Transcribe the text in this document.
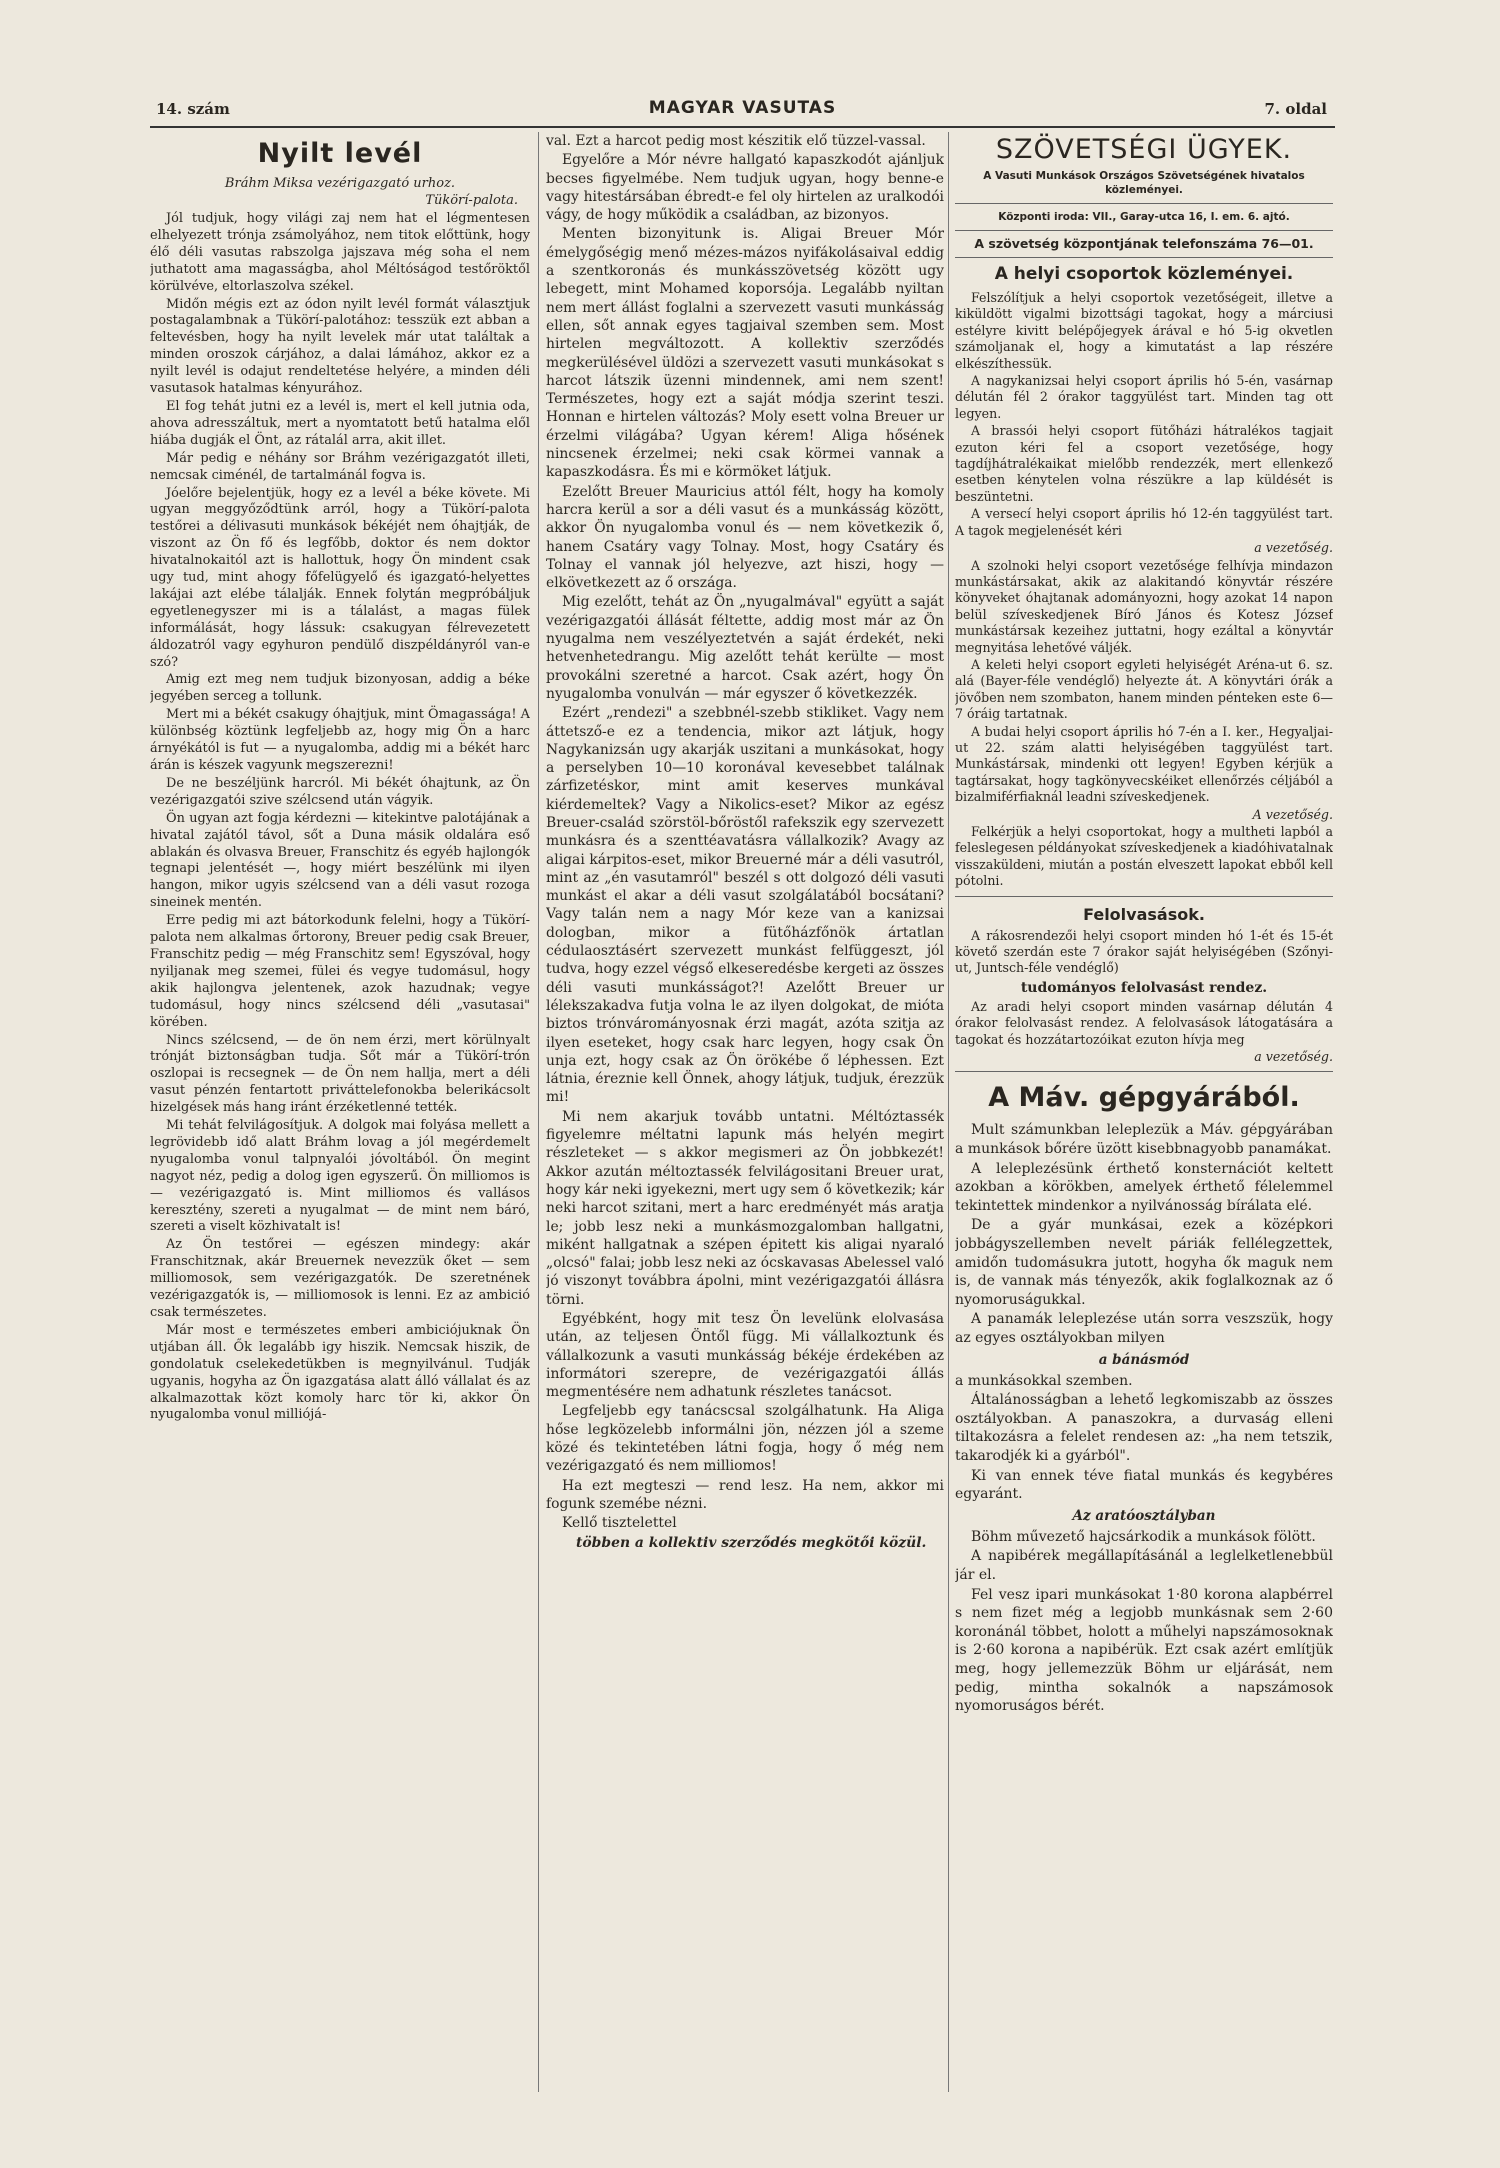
14. szám	MAGYAR VASUTAS	7. oldal
Nyilt levél
Bráhm Miksa vezérigazgató urhoz.
Tükörí-palota.

Jól tudjuk, hogy világi zaj nem hat el légmentesen elhelyezett trónja zsámolyához, nem titok előttünk, hogy élő déli vasutas rabszolga jajszava még soha el nem juthatott ama magasságba, ahol Méltóságod testőröktől körülvéve, eltorlaszolva székel.

Midőn mégis ezt az ódon nyilt levél formát választjuk postagalambnak a Tükörí-palotához: tesszük ezt abban a feltevésben, hogy ha nyilt levelek már utat találtak a minden oroszok cárjához, a dalai lámához, akkor ez a nyilt levél is odajut rendeltetése helyére, a minden déli vasutasok hatalmas kényurához.

El fog tehát jutni ez a levél is, mert el kell jutnia oda, ahova adresszáltuk, mert a nyomtatott betű hatalma elől hiába dugják el Önt, az rátalál arra, akit illet.

Már pedig e néhány sor Bráhm vezérigazgatót illeti, nemcsak ciménél, de tartalmánál fogva is.

Jóelőre bejelentjük, hogy ez a levél a béke követe. Mi ugyan meggyőződtünk arról, hogy a Tükörí-palota testőrei a délivasuti munkások békéjét nem óhajtják, de viszont az Ön fő és legfőbb, doktor és nem doktor hivatalnokaitól azt is hallottuk, hogy Ön mindent csak ugy tud, mint ahogy főfelügyelő és igazgató-helyettes lakájai azt elébe tálalják. Ennek folytán megpróbáljuk egyetlenegyszer mi is a tálalást, a magas fülek informálását, hogy lássuk: csakugyan félrevezetett áldozatról vagy egyhuron pendülő diszpéldányról van-e szó?

Amig ezt meg nem tudjuk bizonyosan, addig a béke jegyében serceg a tollunk.

Mert mi a békét csakugy óhajtjuk, mint Ömagassága! A különbség köztünk legfeljebb az, hogy mig Ön a harc árnyékától is fut — a nyugalomba, addig mi a békét harc árán is készek vagyunk megszerezni!

De ne beszéljünk harcról. Mi békét óhajtunk, az Ön vezérigazgatói szive szélcsend után vágyik.

Ön ugyan azt fogja kérdezni — kitekintve palotájának a hivatal zajától távol, sőt a Duna másik oldalára eső ablakán és olvasva Breuer, Franschitz és egyéb hajlongók tegnapi jelentését —, hogy miért beszélünk mi ilyen hangon, mikor ugyis szélcsend van a déli vasut rozoga sineinek mentén.

Erre pedig mi azt bátorkodunk felelni, hogy a Tükörí-palota nem alkalmas őrtorony, Breuer pedig csak Breuer, Franschitz pedig — még Franschitz sem! Egyszóval, hogy nyiljanak meg szemei, fülei és vegye tudomásul, hogy akik hajlongva jelentenek, azok hazudnak; vegye tudomásul, hogy nincs szélcsend déli „vasutasai" körében.

Nincs szélcsend, — de ön nem érzi, mert körülnyalt trónját biztonságban tudja. Sőt már a Tükörí-trón oszlopai is recsegnek — de Ön nem hallja, mert a déli vasut pénzén fentartott priváttelefonokba belerikácsolt hizelgések más hang iránt érzéketlenné tették.

Mi tehát felvilágosítjuk. A dolgok mai folyása mellett a legrövidebb idő alatt Bráhm lovag a jól megérdemelt nyugalomba vonul talpnyalói jóvoltából. Ön megint nagyot néz, pedig a dolog igen egyszerű. Ön milliomos is — vezérigazgató is. Mint milliomos és vallásos keresztény, szereti a nyugalmat — de mint nem báró, szereti a viselt közhivatalt is!

Az Ön testőrei — egészen mindegy: akár Franschitznak, akár Breuernek nevezzük őket — sem milliomosok, sem vezérigazgatók. De szeretnének vezérigazgatók is, — milliomosok is lenni. Ez az ambició csak természetes.

Már most e természetes emberi ambiciójuknak Ön utjában áll. Ők legalább igy hiszik. Nemcsak hiszik, de gondolatuk cselekedetükben is megnyilvánul. Tudják ugyanis, hogyha az Ön igazgatása alatt álló vállalat és az alkalmazottak közt komoly harc tör ki, akkor Ön nyugalomba vonul milliójá-

val. Ezt a harcot pedig most készitik elő tüzzel-vassal.

Egyelőre a Mór névre hallgató kapaszkodót ajánljuk becses figyelmébe. Nem tudjuk ugyan, hogy benne-e vagy hitestársában ébredt-e fel oly hirtelen az uralkodói vágy, de hogy működik a családban, az bizonyos.

Menten bizonyitunk is. Aligai Breuer Mór émelygőségig menő mézes-mázos nyifákolásaival eddig a szentkoronás és munkásszövetség között ugy lebegett, mint Mohamed koporsója. Legalább nyiltan nem mert állást foglalni a szervezett vasuti munkásság ellen, sőt annak egyes tagjaival szemben sem. Most hirtelen megváltozott. A kollektiv szerződés megkerülésével üldözi a szervezett vasuti munkásokat s harcot látszik üzenni mindennek, ami nem szent! Természetes, hogy ezt a saját módja szerint teszi. Honnan e hirtelen változás? Moly esett volna Breuer ur érzelmi világába? Ugyan kérem! Aliga hősének nincsenek érzelmei; neki csak körmei vannak a kapaszkodásra. És mi e körmöket látjuk.

Ezelőtt Breuer Mauricius attól félt, hogy ha komoly harcra kerül a sor a déli vasut és a munkásság között, akkor Ön nyugalomba vonul és — nem következik ő, hanem Csatáry vagy Tolnay. Most, hogy Csatáry és Tolnay el vannak jól helyezve, azt hiszi, hogy — elkövetkezett az ő országa.

Mig ezelőtt, tehát az Ön „nyugalmával" együtt a saját vezérigazgatói állását féltette, addig most már az Ön nyugalma nem veszélyeztetvén a saját érdekét, neki hetvenhetedrangu. Mig azelőtt tehát kerülte — most provokálni szeretné a harcot. Csak azért, hogy Ön nyugalomba vonulván — már egyszer ő következzék.

Ezért „rendezi" a szebbnél-szebb stikliket. Vagy nem áttetsző-e ez a tendencia, mikor azt látjuk, hogy Nagykanizsán ugy akarják uszitani a munkásokat, hogy a perselyben 10—10 koronával kevesebbet találnak zárfizetéskor, mint amit keserves munkával kiérdemeltek? Vagy a Nikolics-eset? Mikor az egész Breuer-család szörstöl-bőröstől rafekszik egy szervezett munkásra és a szenttéavatásra vállalkozik? Avagy az aligai kárpitos-eset, mikor Breuerné már a déli vasutról, mint az „én vasutamról" beszél s ott dolgozó déli vasuti munkást el akar a déli vasut szolgálatából bocsátani? Vagy talán nem a nagy Mór keze van a kanizsai dologban, mikor a fütőházfőnök ártatlan cédulaosztásért szervezett munkást felfüggeszt, jól tudva, hogy ezzel végső elkeseredésbe kergeti az összes déli vasuti munkásságot?! Azelőtt Breuer ur lélekszakadva futja volna le az ilyen dolgokat, de mióta biztos trónvárományosnak érzi magát, azóta szitja az ilyen eseteket, hogy csak harc legyen, hogy csak Ön unja ezt, hogy csak az Ön örökébe ő léphessen. Ezt látnia, éreznie kell Önnek, ahogy látjuk, tudjuk, érezzük mi!

Mi nem akarjuk tovább untatni. Méltóztassék figyelemre méltatni lapunk más helyén megirt részleteket — s akkor megismeri az Ön jobbkezét! Akkor azután méltoztassék felvilágositani Breuer urat, hogy kár neki igyekezni, mert ugy sem ő következik; kár neki harcot szitani, mert a harc eredményét más aratja le; jobb lesz neki a munkásmozgalomban hallgatni, miként hallgatnak a szépen épitett kis aligai nyaraló „olcsó" falai; jobb lesz neki az ócskavasas Abelessel való jó viszonyt továbbra ápolni, mint vezérigazgatói állásra törni.

Egyébként, hogy mit tesz Ön levelünk elolvasása után, az teljesen Öntől függ. Mi vállalkoztunk és vállalkozunk a vasuti munkásság békéje érdekében az informátori szerepre, de vezérigazgatói állás megmentésére nem adhatunk részletes tanácsot.

Legfeljebb egy tanácscsal szolgálhatunk. Ha Aliga hőse legközelebb informálni jön, nézzen jól a szeme közé és tekintetében látni fogja, hogy ő még nem vezérigazgató és nem milliomos!

Ha ezt megteszi — rend lesz. Ha nem, akkor mi fogunk szemébe nézni.

Kellő tisztelettel

többen a kollektiv szerződés megkötői közül.

SZÖVETSÉGI ÜGYEK.
A Vasuti Munkások Országos Szövetségének hivatalos közleményei.
Központi iroda: VII., Garay-utca 16, I. em. 6. ajtó.
A szövetség központjának telefonszáma 76—01.
A helyi csoportok közleményei.

Felszólítjuk a helyi csoportok vezetőségeit, illetve a kiküldött vigalmi bizottsági tagokat, hogy a márciusi estélyre kivitt belépőjegyek árával e hó 5-ig okvetlen számoljanak el, hogy a kimutatást a lap részére elkészíthessük.

A nagykanizsai helyi csoport április hó 5-én, vasárnap délután fél 2 órakor taggyülést tart. Minden tag ott legyen.

A brassói helyi csoport fütőházi hátralékos tagjait ezuton kéri fel a csoport vezetősége, hogy tagdíjhátralékaikat mielőbb rendezzék, mert ellenkező esetben kénytelen volna részükre a lap küldését is beszüntetni.

A versecí helyi csoport április hó 12-én taggyülést tart. A tagok megjelenését kéri

a vezetőség.

A szolnoki helyi csoport vezetősége felhívja mindazon munkástársakat, akik az alakitandó könyvtár részére könyveket óhajtanak adományozni, hogy azokat 14 napon belül szíveskedjenek Bíró János és Kotesz József munkástársak kezeihez juttatni, hogy ezáltal a könyvtár megnyitása lehetővé váljék.

A keleti helyi csoport egyleti helyiségét Aréna-ut 6. sz. alá (Bayer-féle vendéglő) helyezte át. A könyvtári órák a jövőben nem szombaton, hanem minden pénteken este 6—7 óráig tartatnak.

A budai helyi csoport április hó 7-én a I. ker., Hegyaljai-ut 22. szám alatti helyiségében taggyülést tart. Munkástársak, mindenki ott legyen! Egyben kérjük a tagtársakat, hogy tagkönyvecskéiket ellenőrzés céljából a bizalmiférfiaknál leadni szíveskedjenek.

A vezetőség.

Felkérjük a helyi csoportokat, hogy a multheti lapból a feleslegesen példányokat szíveskedjenek a kiadóhivatalnak visszaküldeni, miután a postán elveszett lapokat ebből kell pótolni.

Felolvasások.

A rákosrendezői helyi csoport minden hó 1-ét és 15-ét követő szerdán este 7 órakor saját helyiségében (Szőnyi-ut, Juntsch-féle vendéglő)

tudományos felolvasást rendez.

Az aradi helyi csoport minden vasárnap délután 4 órakor felolvasást rendez. A felolvasások látogatására a tagokat és hozzátartozóikat ezuton hívja meg

a vezetőség.

A Máv. gépgyárából.

Mult számunkban leleplezük a Máv. gépgyárában a munkások bőrére üzött kisebbnagyobb panamákat.

A leleplezésünk érthető konsternációt keltett azokban a körökben, amelyek érthető félelemmel tekintettek mindenkor a nyilvánosság bírálata elé.

De a gyár munkásai, ezek a középkori jobbágyszellemben nevelt páriák fellélegzettek, amidőn tudomásukra jutott, hogyha ők maguk nem is, de vannak más tényezők, akik foglalkoznak az ő nyomoruságukkal.

A panamák leleplezése után sorra veszszük, hogy az egyes osztályokban milyen

a bánásmód

a munkásokkal szemben.

Általánosságban a lehető legkomiszabb az összes osztályokban. A panaszokra, a durvaság elleni tiltakozásra a felelet rendesen az: „ha nem tetszik, takarodjék ki a gyárból".

Ki van ennek téve fiatal munkás és kegybéres egyaránt.

Az aratóosztályban

Böhm művezető hajcsárkodik a munkások fölött.

A napibérek megállapításánál a leglelketlenebbül jár el.

Fel vesz ipari munkásokat 1·80 korona alapbérrel s nem fizet még a legjobb munkásnak sem 2·60 koronánál többet, holott a műhelyi napszámosoknak is 2·60 korona a napibérük. Ezt csak azért említjük meg, hogy jellemezzük Böhm ur eljárását, nem pedig, mintha sokalnók a napszámosok nyomoruságos bérét.
